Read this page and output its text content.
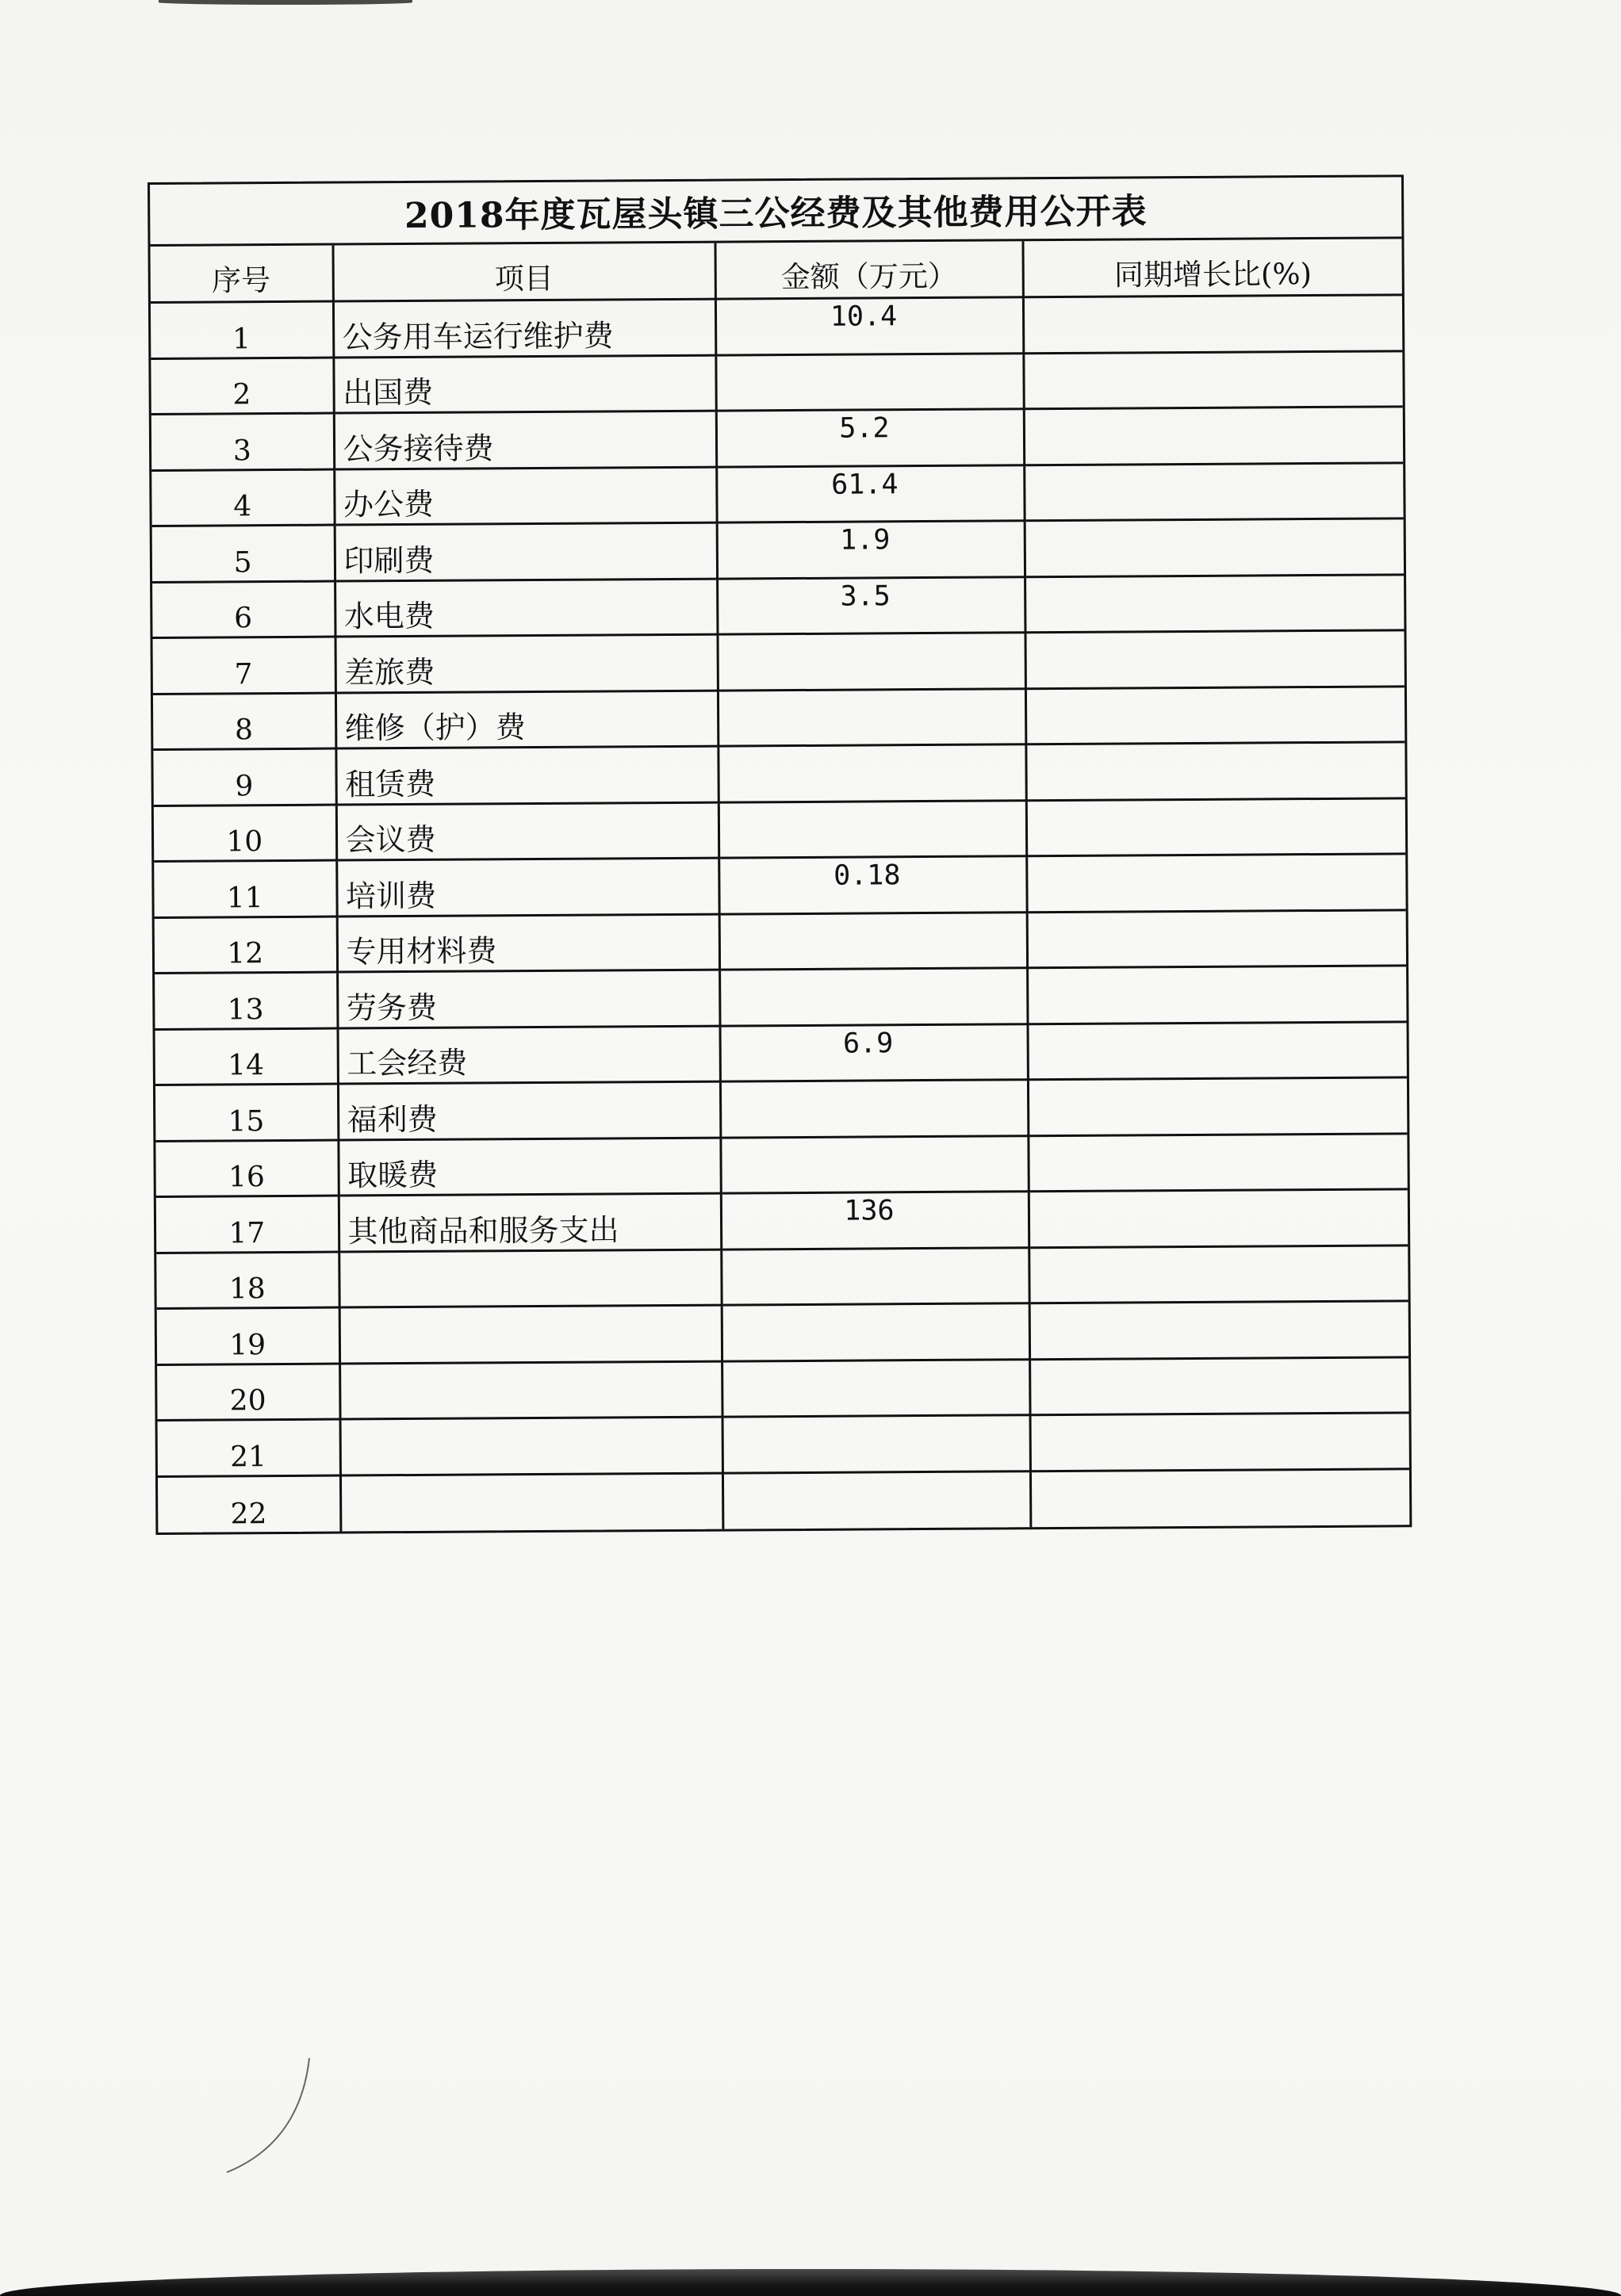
2018年度瓦屋头镇三公经费及其他费用公开表
序号	项目	金额（万元）	同期增长比(%)
1	公务用车运行维护费	10.4	
2	出国费		
3	公务接待费	5.2	
4	办公费	61.4	
5	印刷费	1.9	
6	水电费	3.5	
7	差旅费		
8	维修（护）费		
9	租赁费		
10	会议费		
11	培训费	0.18	
12	专用材料费		
13	劳务费		
14	工会经费	6.9	
15	福利费		
16	取暖费		
17	其他商品和服务支出	136	
18			
19			
20			
21			
22			
